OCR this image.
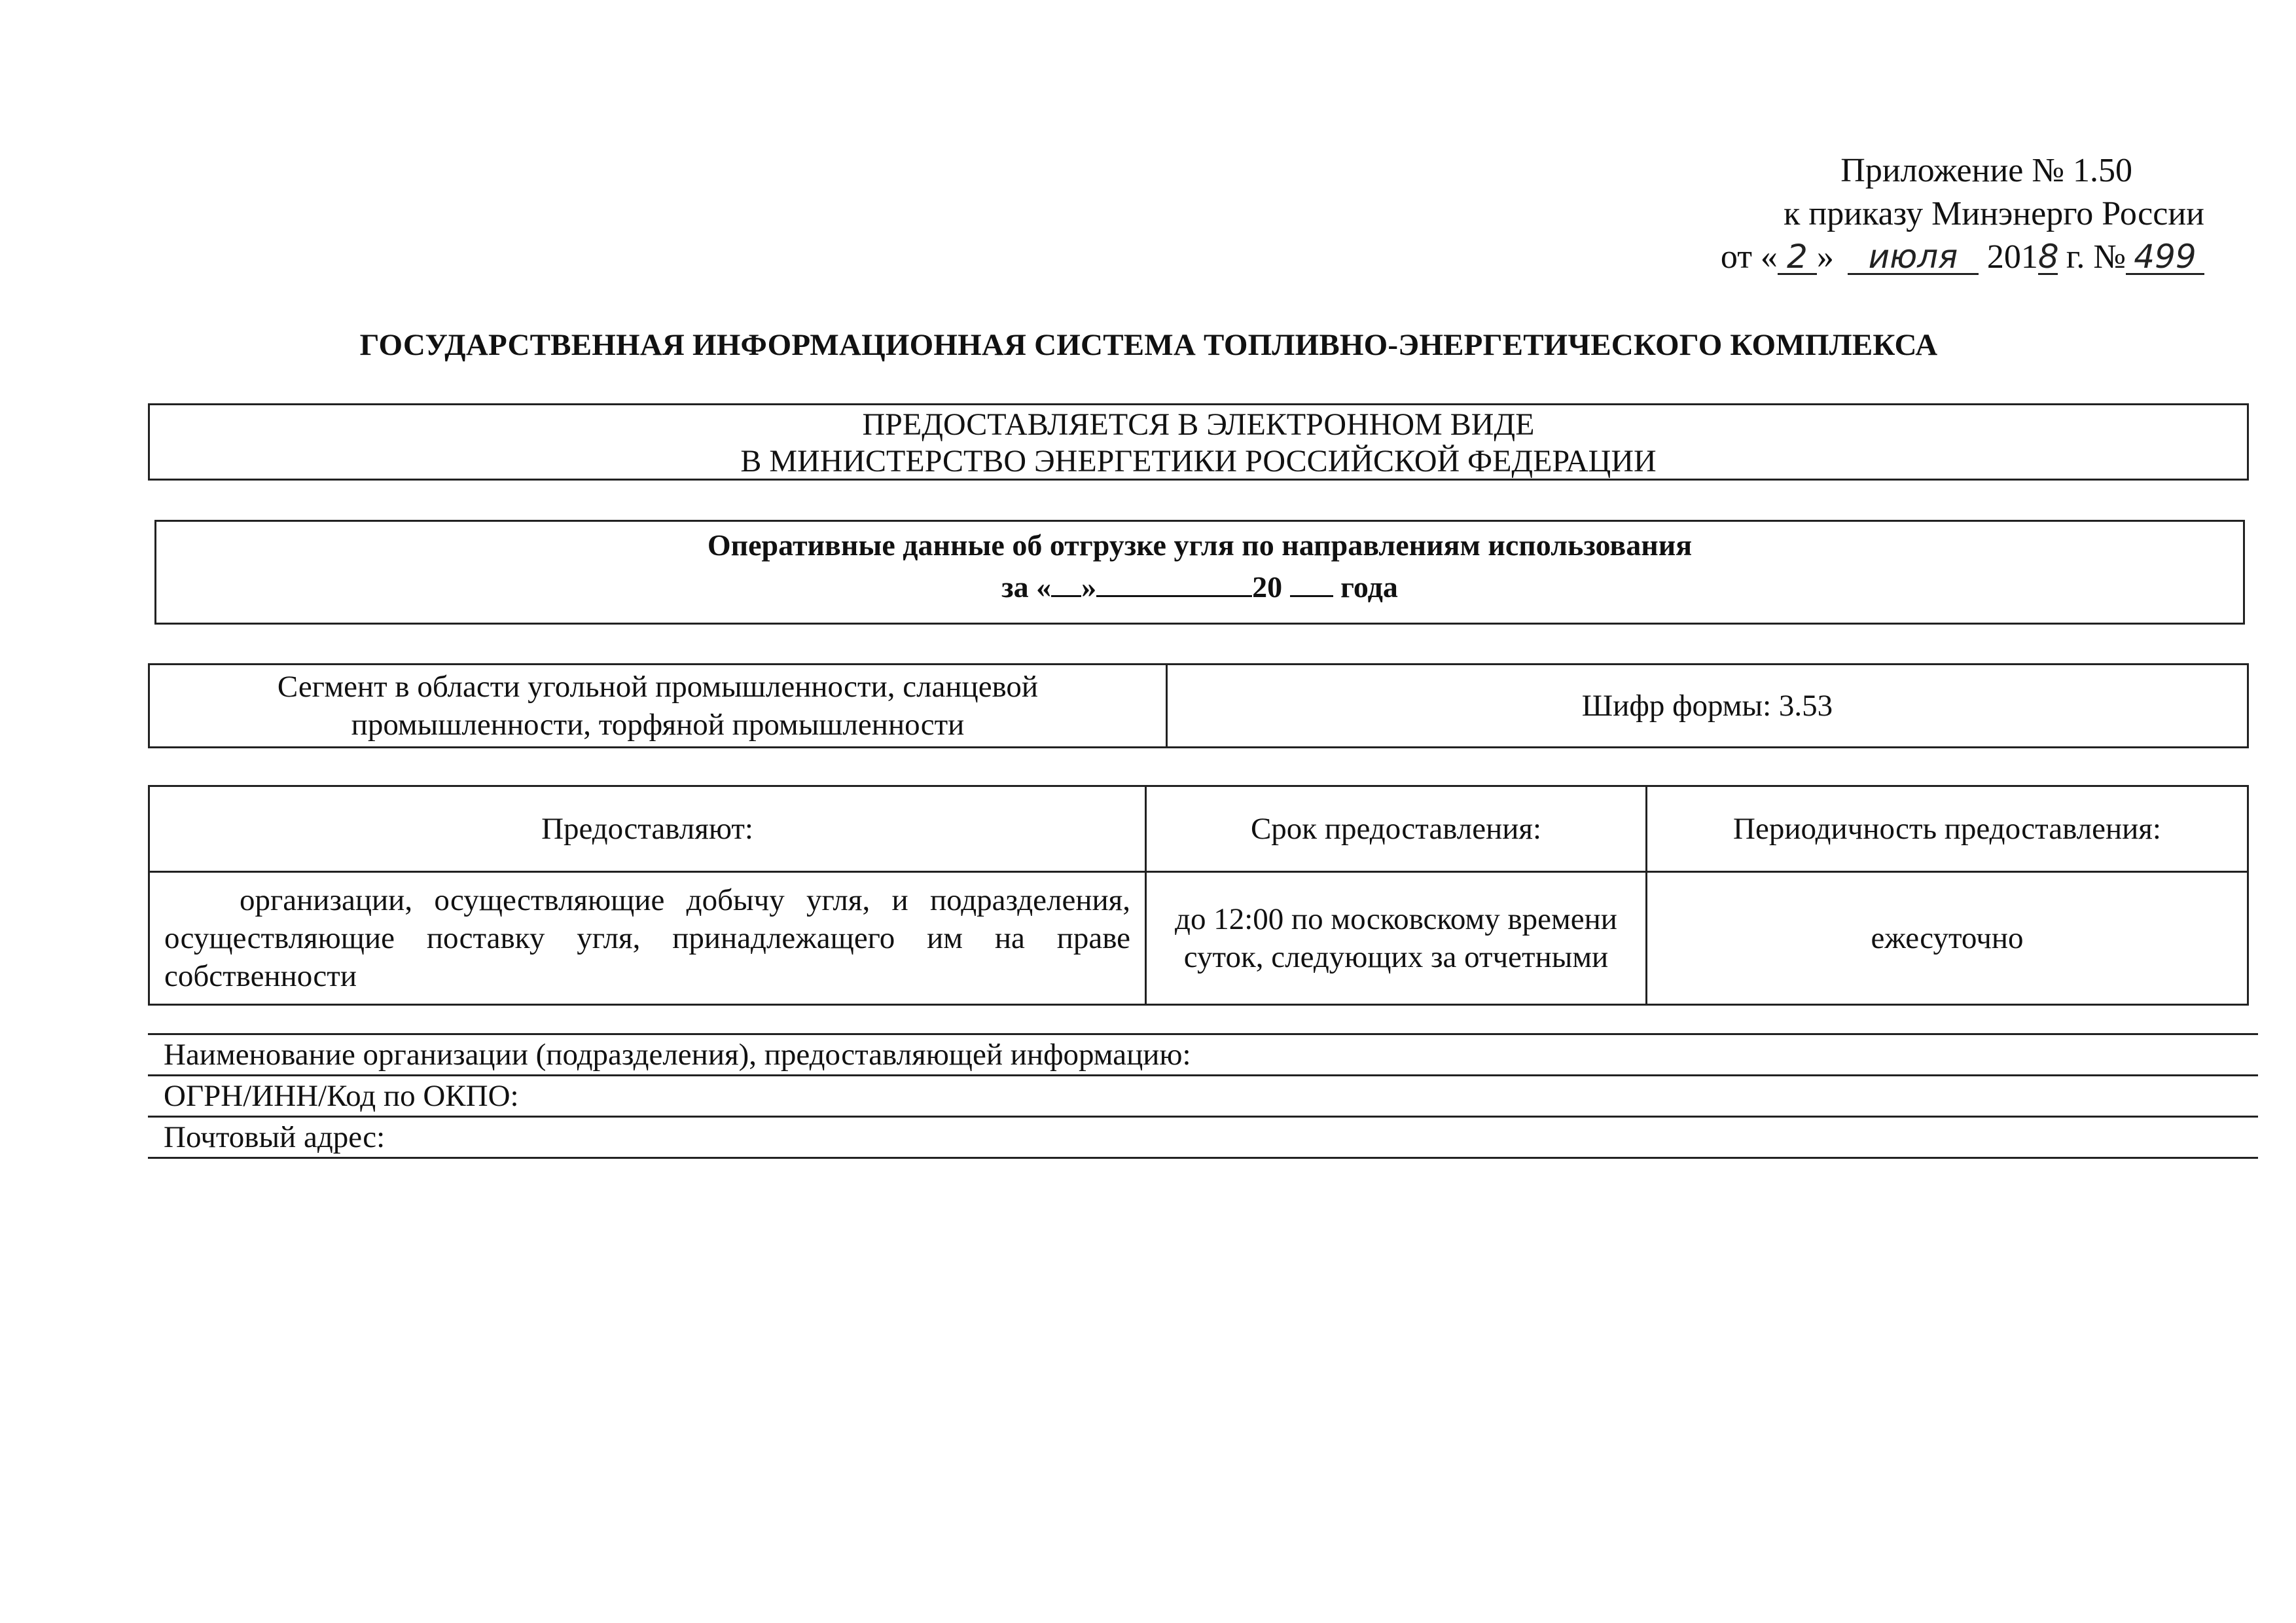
Приложение № 1.50
к приказу Минэнерго России
от « 2 » июля 2018 г. № 499
ГОСУДАРСТВЕННАЯ ИНФОРМАЦИОННАЯ СИСТЕМА ТОПЛИВНО-ЭНЕРГЕТИЧЕСКОГО КОМПЛЕКСА
ПРЕДОСТАВЛЯЕТСЯ В ЭЛЕКТРОННОМ ВИДЕ
В МИНИСТЕРСТВО ЭНЕРГЕТИКИ РОССИЙСКОЙ ФЕДЕРАЦИИ
Оперативные данные об отгрузке угля по направлениям использования
за « »	20 года
Сегмент в области угольной промышленности, сланцевой промышленности, торфяной промышленности	Шифр формы: 3.53
Предоставляют:	Срок предоставления:	Периодичность предоставления:
организации, осуществляющие добычу угля, и подразделения, осуществляющие поставку угля, принадлежащего им на праве собственности	до 12:00 по московскому времени суток, следующих за отчетными	ежесуточно
Наименование организации (подразделения), предоставляющей информацию:
ОГРН/ИНН/Код по ОКПО:
Почтовый адрес:
